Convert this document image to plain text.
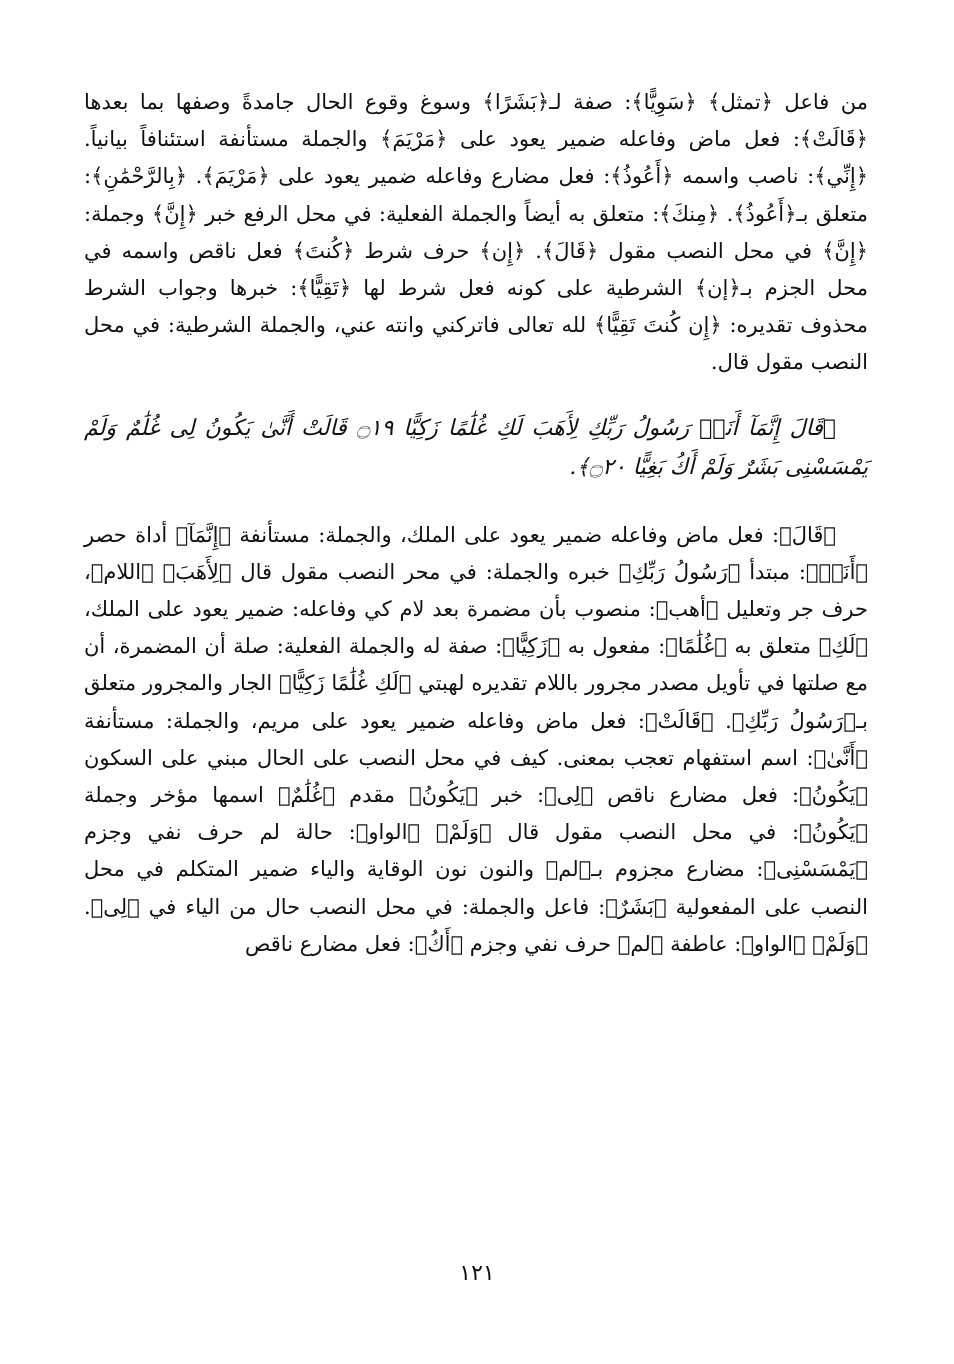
من فاعل ﴿تمثل﴾ ﴿سَوِيًّا﴾: صفة لـ﴿بَشَرًا﴾ وسوغ وقوع الحال جامدةً وصفها بما بعدها ﴿قَالَتْ﴾: فعل ماض وفاعله ضمير يعود على ﴿مَرْيَمَ﴾ والجملة مستأنفة استئنافاً بيانياً. ﴿إِنِّي﴾: ناصب واسمه ﴿أَعُوذُ﴾: فعل مضارع وفاعله ضمير يعود على ﴿مَرْيَمَ﴾. ﴿بِالرَّحْمَٰنِ﴾: متعلق بـ﴿أَعُوذُ﴾. ﴿مِنكَ﴾: متعلق به أيضاً والجملة الفعلية: في محل الرفع خبر ﴿إِنَّ﴾ وجملة: ﴿إِنَّ﴾ في محل النصب مقول ﴿قَالَ﴾. ﴿إِن﴾ حرف شرط ﴿كُنتَ﴾ فعل ناقص واسمه في محل الجزم بـ﴿إن﴾ الشرطية على كونه فعل شرط لها ﴿تَقِيًّا﴾: خبرها وجواب الشرط محذوف تقديره: ﴿إِن كُنتَ تَقِيًّا﴾ لله تعالى فاتركني وانته عني، والجملة الشرطية: في محل النصب مقول قال.

﴿قَالَ إِنَّمَآ أَنَا۠ رَسُولُ رَبِّكِ لِأَهَبَ لَكِ غُلَٰمًا زَكِيًّا ۝١٩ قَالَتْ أَنَّىٰ يَكُونُ لِى غُلَٰمٌ وَلَمْ يَمْسَسْنِى بَشَرٌ وَلَمْ أَكُ بَغِيًّا ۝٢٠﴾.

﴿قَالَ﴾: فعل ماض وفاعله ضمير يعود على الملك، والجملة: مستأنفة ﴿إِنَّمَآ﴾ أداة حصر ﴿أَنَا۠﴾: مبتدأ ﴿رَسُولُ رَبِّكِ﴾ خبره والجملة: في محر النصب مقول قال ﴿لِأَهَبَ﴾ ﴿اللام﴾، حرف جر وتعليل ﴿أهب﴾: منصوب بأن مضمرة بعد لام كي وفاعله: ضمير يعود على الملك، ﴿لَكِ﴾ متعلق به ﴿غُلَٰمًا﴾: مفعول به ﴿زَكِيًّا﴾: صفة له والجملة الفعلية: صلة أن المضمرة، أن مع صلتها في تأويل مصدر مجرور باللام تقديره لهبتي ﴿لَكِ غُلَٰمًا زَكِيًّا﴾ الجار والمجرور متعلق بـ﴿رَسُولُ رَبِّكِ﴾. ﴿قَالَتْ﴾: فعل ماض وفاعله ضمير يعود على مريم، والجملة: مستأنفة ﴿أَنَّىٰ﴾: اسم استفهام تعجب بمعنى. كيف في محل النصب على الحال مبني على السكون ﴿يَكُونُ﴾: فعل مضارع ناقص ﴿لِى﴾: خبر ﴿يَكُونُ﴾ مقدم ﴿غُلَٰمٌ﴾ اسمها مؤخر وجملة ﴿يَكُونُ﴾: في محل النصب مقول قال ﴿وَلَمْ﴾ ﴿الواو﴾: حالة لم حرف نفي وجزم ﴿يَمْسَسْنِى﴾: مضارع مجزوم بـ﴿لم﴾ والنون نون الوقاية والياء ضمير المتكلم في محل النصب على المفعولية ﴿بَشَرٌ﴾: فاعل والجملة: في محل النصب حال من الياء في ﴿لِى﴾. ﴿وَلَمْ﴾ ﴿الواو﴾: عاطفة ﴿لم﴾ حرف نفي وجزم ﴿أَكُ﴾: فعل مضارع ناقص

١٢١
